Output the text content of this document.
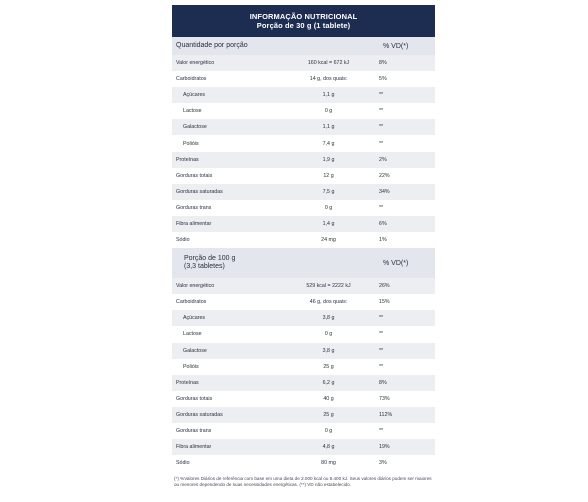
INFORMAÇÃO NUTRICIONAL
Porção de 30 g (1 tablete)
Quantidade por porção	% VD(*)
Valor energético	160 kcal = 672 kJ	8%
Carboidratos	14 g, dos quais:	5%
Açúcares	1,1 g	**
Lactose	0 g	**
Galactose	1,1 g	**
Polióis	7,4 g	**
Proteínas	1,9 g	2%
Gorduras totais	12 g	22%
Gorduras saturadas	7,5 g	34%
Gorduras trans	0 g	**
Fibra alimentar	1,4 g	6%
Sódio	24 mg	1%
Porção de 100 g
(3,3 tabletes)	% VD(*)
Valor energético	529 kcal = 2222 kJ	26%
Carboidratos	46 g, dos quais:	15%
Açúcares	3,8 g	**
Lactose	0 g	**
Galactose	3,8 g	**
Polióis	25 g	**
Proteínas	6,2 g	8%
Gorduras totais	40 g	73%
Gorduras saturadas	25 g	112%
Gorduras trans	0 g	**
Fibra alimentar	4,8 g	19%
Sódio	80 mg	3%
(*) %Valores Diários de referência com base em uma dieta de 2.000 kcal ou 8.400 kJ. Seus valores diários podem ser maiores ou menores dependendo de suas necessidades energéticas. (**) VD não estabelecido.
